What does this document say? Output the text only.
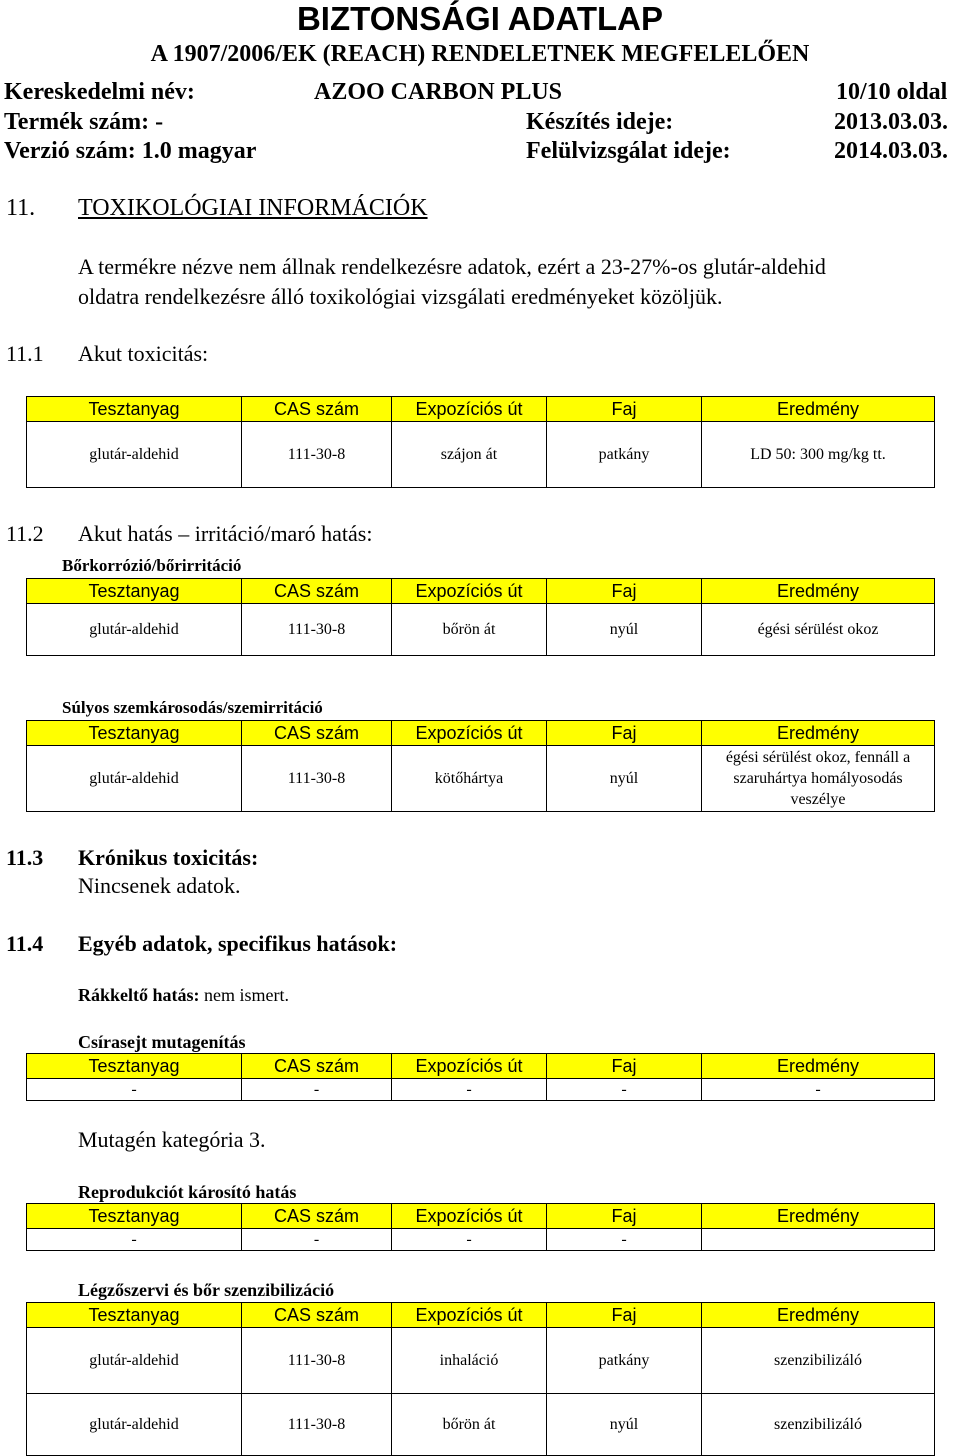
BIZTONSÁGI ADATLAP
A 1907/2006/EK (REACH) RENDELETNEK MEGFELELŐEN
Kereskedelmi név:	AZOO CARBON PLUS	10/10 oldal
Termék szám: -	Készítés ideje:	2013.03.03.
Verzió szám: 1.0 magyar	Felülvizsgálat ideje:	2014.03.03.
11. TOXIKOLÓGIAI INFORMÁCIÓK
A termékre nézve nem állnak rendelkezésre adatok, ezért a 23-27%-os glutár-aldehid
oldatra rendelkezésre álló toxikológiai vizsgálati eredményeket közöljük.
11.1 Akut toxicitás:
Tesztanyag	CAS szám	Expozíciós út	Faj	Eredmény
glutár-aldehid	111-30-8	szájon át	patkány	LD 50: 300 mg/kg tt.
11.2 Akut hatás – irritáció/maró hatás:
Bőrkorrózió/bőrirritáció
Tesztanyag	CAS szám	Expozíciós út	Faj	Eredmény
glutár-aldehid	111-30-8	bőrön át	nyúl	égési sérülést okoz
Súlyos szemkárosodás/szemirritáció
Tesztanyag	CAS szám	Expozíciós út	Faj	Eredmény
glutár-aldehid	111-30-8	kötőhártya	nyúl	égési sérülést okoz, fennáll a szaruhártya homályosodás veszélye
11.3 Krónikus toxicitás:
Nincsenek adatok.
11.4 Egyéb adatok, specifikus hatások:
Rákkeltő hatás: nem ismert.
Csírasejt mutagenítás
Tesztanyag	CAS szám	Expozíciós út	Faj	Eredmény
-	-	-	-	-
Mutagén kategória 3.
Reprodukciót károsító hatás
Tesztanyag	CAS szám	Expozíciós út	Faj	Eredmény
-	-	-	-	
Légzőszervi és bőr szenzibilizáció
Tesztanyag	CAS szám	Expozíciós út	Faj	Eredmény
glutár-aldehid	111-30-8	inhaláció	patkány	szenzibilizáló
glutár-aldehid	111-30-8	bőrön át	nyúl	szenzibilizáló
